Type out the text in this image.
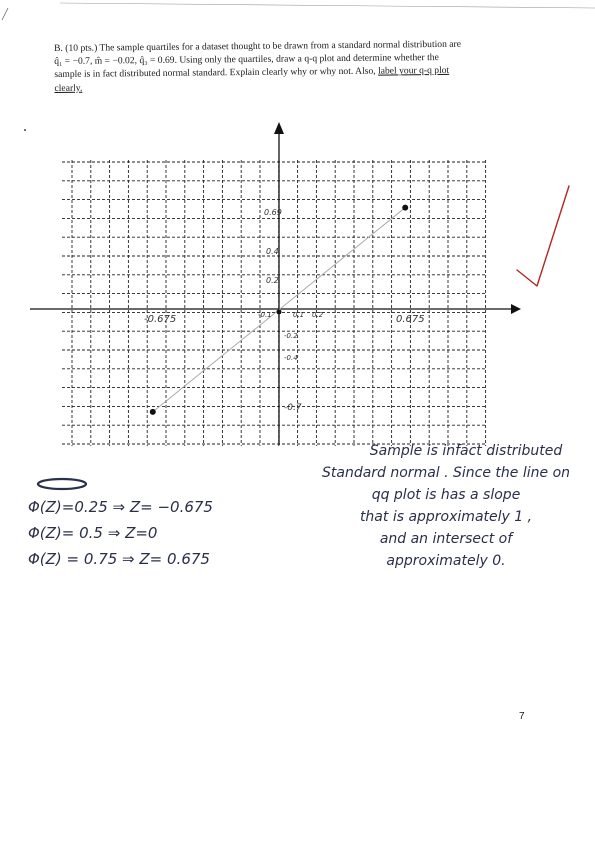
B. (10 pts.) The sample quartiles for a dataset thought to be drawn from a standard normal distribution are
q̂₁ = −0.7, m̂ = −0.02, q̂₃ = 0.69. Using only the quartiles, draw a q-q plot and determine whether the
sample is in fact distributed normal standard. Explain clearly why or why not. Also, label your q-q plot
clearly.
-0.675	-0.1	0.1 0.2	0.675
0.69
0.4
0.2
-0.2
-0.4
-0.7
Φ(Z)=0.25 ⇒ Z= −0.675
Φ(Z)= 0.5 ⇒ Z=0
Φ(Z) = 0.75 ⇒ Z= 0.675
Sample is infact distributed
Standard normal . Since the line on
qq plot is has a slope
that is approximately 1 ,
and an intersect of
approximately 0.
7
